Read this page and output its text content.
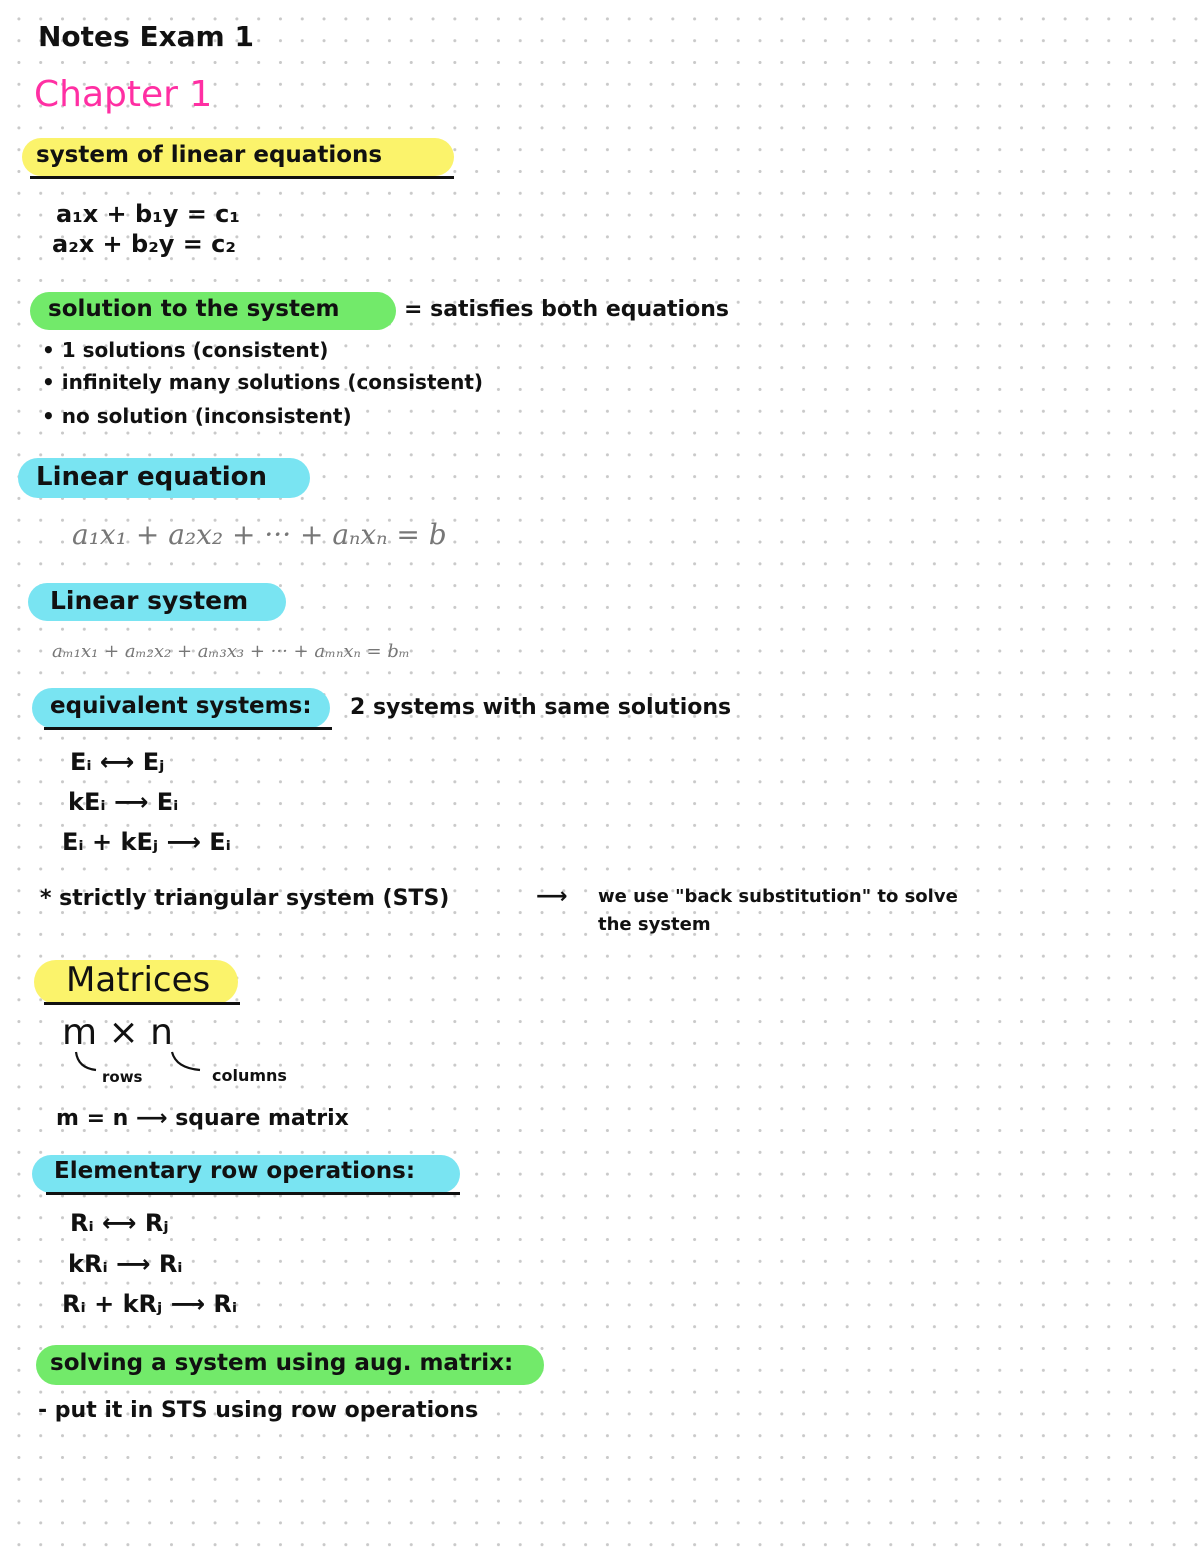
Notes Exam 1
Chapter 1
system of linear equations
a₁x + b₁y = c₁
a₂x + b₂y = c₂
solution to the system	= satisfies both equations
• 1 solutions (consistent)
• infinitely many solutions (consistent)
• no solution (inconsistent)
Linear equation
a₁x₁ + a₂x₂ + ··· + aₙxₙ = b
Linear system
aₘ₁x₁ + aₘ₂x₂ + aₘ₃x₃ + ··· + aₘₙxₙ = bₘ
equivalent systems: 2 systems with same solutions
Eᵢ ⟷ Eⱼ
kEᵢ ⟶ Eᵢ
Eᵢ + kEⱼ ⟶ Eᵢ
* strictly triangular system (STS)	⟶ we use "back substitution" to solve
the system
Matrices
m × n
rows	columns
m = n ⟶ square matrix
Elementary row operations:
Rᵢ ⟷ Rⱼ
kRᵢ ⟶ Rᵢ
Rᵢ + kRⱼ ⟶ Rᵢ
solving a system using aug. matrix:
- put it in STS using row operations
